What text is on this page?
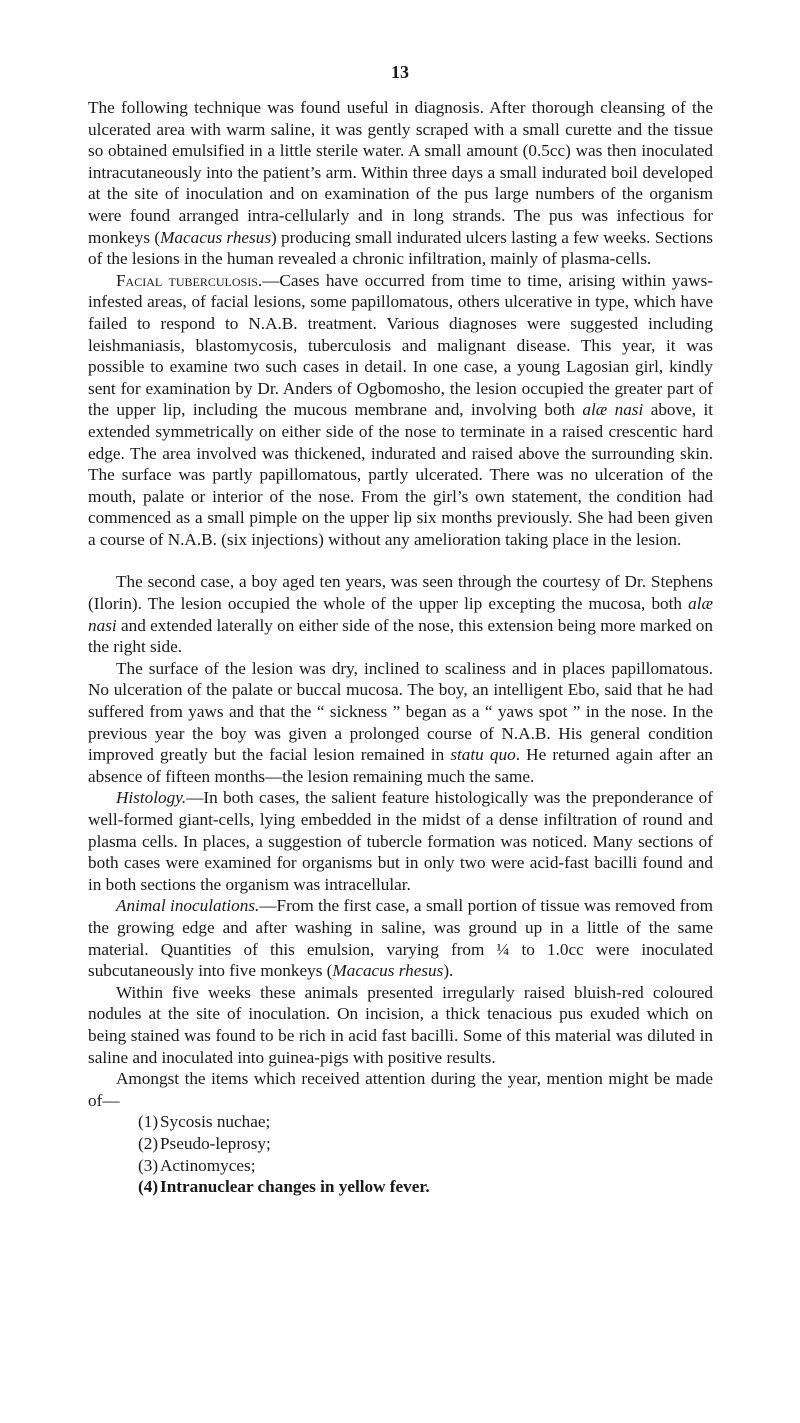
13

The following technique was found useful in diagnosis. After thorough cleansing of the ulcerated area with warm saline, it was gently scraped with a small curette and the tissue so obtained emulsified in a little sterile water. A small amount (0.5cc) was then inoculated intracutaneously into the patient’s arm. Within three days a small indurated boil developed at the site of inoculation and on examination of the pus large numbers of the organism were found arranged intra-cellularly and in long strands. The pus was infectious for monkeys (Macacus rhesus) producing small indurated ulcers lasting a few weeks. Sections of the lesions in the human revealed a chronic infiltration, mainly of plasma-cells.

Facial tuberculosis.—Cases have occurred from time to time, arising within yaws-infested areas, of facial lesions, some papillomatous, others ulcerative in type, which have failed to respond to N.A.B. treatment. Various diagnoses were suggested including leishmaniasis, blastomycosis, tuberculosis and malignant disease. This year, it was possible to examine two such cases in detail. In one case, a young Lagosian girl, kindly sent for examination by Dr. Anders of Ogbomosho, the lesion occupied the greater part of the upper lip, including the mucous membrane and, involving both alæ nasi above, it extended symmetrically on either side of the nose to terminate in a raised crescentic hard edge. The area involved was thickened, indurated and raised above the surrounding skin. The surface was partly papillomatous, partly ulcerated. There was no ulceration of the mouth, palate or interior of the nose. From the girl’s own statement, the condition had commenced as a small pimple on the upper lip six months previously. She had been given a course of N.A.B. (six injections) without any amelioration taking place in the lesion.

The second case, a boy aged ten years, was seen through the courtesy of Dr. Stephens (Ilorin). The lesion occupied the whole of the upper lip excepting the mucosa, both alæ nasi and extended laterally on either side of the nose, this extension being more marked on the right side.

The surface of the lesion was dry, inclined to scaliness and in places papillomatous. No ulceration of the palate or buccal mucosa. The boy, an intelligent Ebo, said that he had suffered from yaws and that the “ sickness ” began as a “ yaws spot ” in the nose. In the previous year the boy was given a prolonged course of N.A.B. His general condition improved greatly but the facial lesion remained in statu quo. He returned again after an absence of fifteen months—the lesion remaining much the same.

Histology.—In both cases, the salient feature histologically was the preponderance of well-formed giant-cells, lying embedded in the midst of a dense infiltration of round and plasma cells. In places, a suggestion of tubercle formation was noticed. Many sections of both cases were examined for organisms but in only two were acid-fast bacilli found and in both sections the organism was intracellular.

Animal inoculations.—From the first case, a small portion of tissue was removed from the growing edge and after washing in saline, was ground up in a little of the same material. Quantities of this emulsion, varying from ¼ to 1.0cc were inoculated subcutaneously into five monkeys (Macacus rhesus).

Within five weeks these animals presented irregularly raised bluish-red coloured nodules at the site of inoculation. On incision, a thick tenacious pus exuded which on being stained was found to be rich in acid fast bacilli. Some of this material was diluted in saline and inoculated into guinea-pigs with positive results.

Amongst the items which received attention during the year, mention might be made of—

(1) Sycosis nuchae;
(2) Pseudo-leprosy;
(3) Actinomyces;
(4) Intranuclear changes in yellow fever.
